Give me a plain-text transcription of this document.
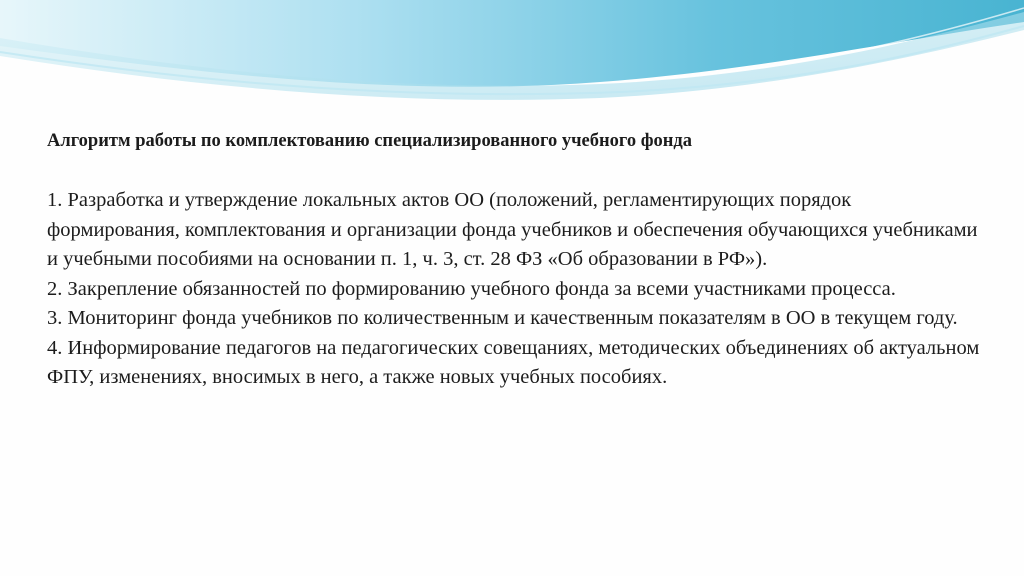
Алгоритм работы по комплектованию специализированного учебного фонда

1. Разработка и утверждение локальных актов ОО (положений, регламентирующих порядок формирования, комплектования и организации фонда учебников и обеспечения обучающихся учебниками и учебными пособиями на основании п. 1, ч. 3, ст. 28 ФЗ «Об образовании в РФ»).

2. Закрепление обязанностей по формированию учебного фонда за всеми участниками процесса.

3. Мониторинг фонда учебников по количественным и качественным показателям в ОО в текущем году.

4. Информирование педагогов на педагогических совещаниях, методических объединениях об актуальном ФПУ, изменениях, вносимых в него, а также новых учебных пособиях.
